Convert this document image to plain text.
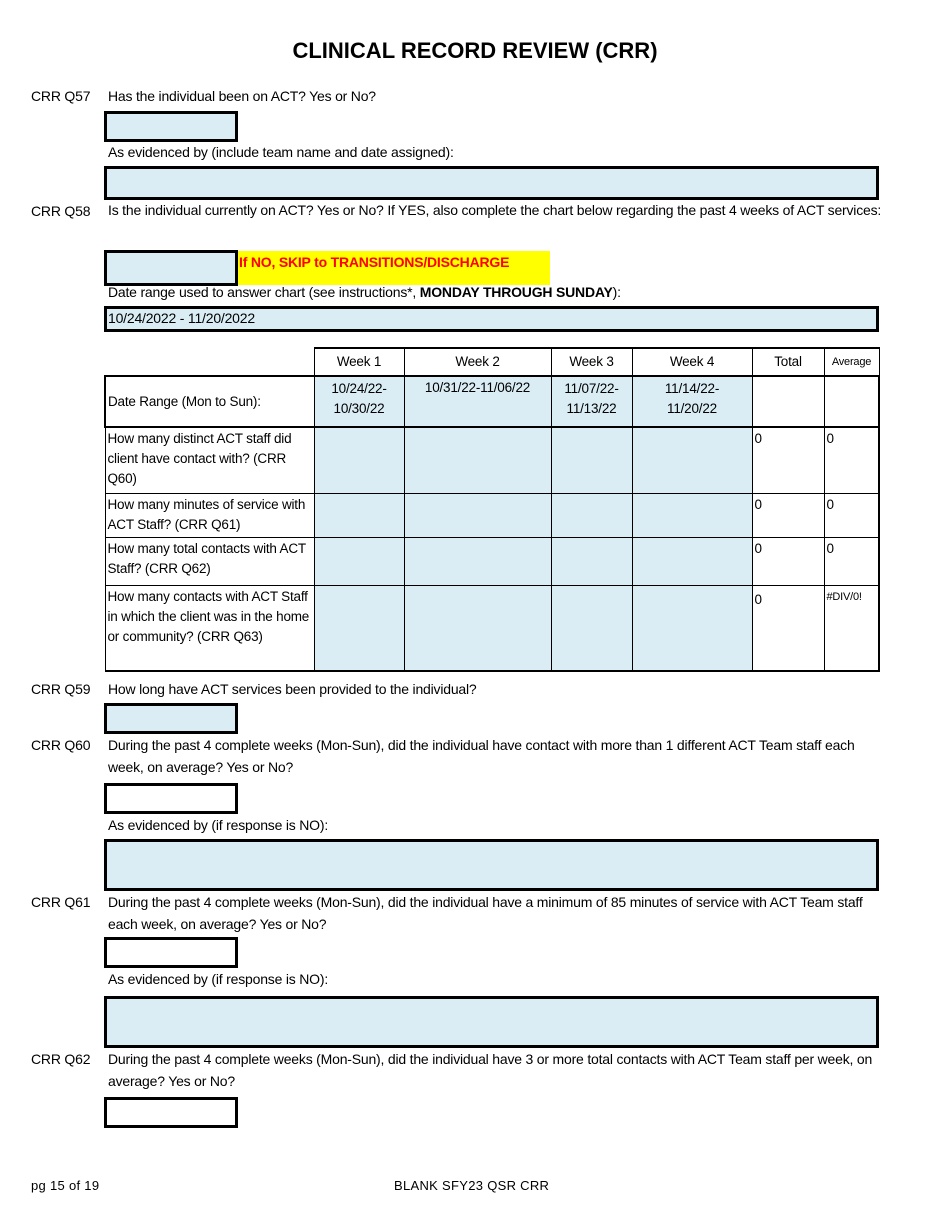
CLINICAL RECORD REVIEW (CRR)
CRR Q57 Has the individual been on ACT? Yes or No?
As evidenced by (include team name and date assigned):
CRR Q58 Is the individual currently on ACT? Yes or No? If YES, also complete the chart below regarding the past 4 weeks of ACT services:
If NO, SKIP to TRANSITIONS/DISCHARGE
Date range used to answer chart (see instructions*, MONDAY THROUGH SUNDAY):
10/24/2022 - 11/20/2022
	Week 1	Week 2	Week 3	Week 4	Total	Average
Date Range (Mon to Sun):	10/24/22-10/30/22	10/31/22-11/06/22	11/07/22-11/13/22	11/14/22-11/20/22		
How many distinct ACT staff did client have contact with? (CRR Q60)					0	0
How many minutes of service with ACT Staff? (CRR Q61)					0	0
How many total contacts with ACT Staff? (CRR Q62)					0	0
How many contacts with ACT Staff in which the client was in the home or community? (CRR Q63)					0	#DIV/0!
CRR Q59 How long have ACT services been provided to the individual?
CRR Q60 During the past 4 complete weeks (Mon-Sun), did the individual have contact with more than 1 different ACT Team staff each week, on average? Yes or No?
As evidenced by (if response is NO):
CRR Q61 During the past 4 complete weeks (Mon-Sun), did the individual have a minimum of 85 minutes of service with ACT Team staff each week, on average? Yes or No?
As evidenced by (if response is NO):
CRR Q62 During the past 4 complete weeks (Mon-Sun), did the individual have 3 or more total contacts with ACT Team staff per week, on average? Yes or No?
pg 15 of 19	BLANK SFY23 QSR CRR
